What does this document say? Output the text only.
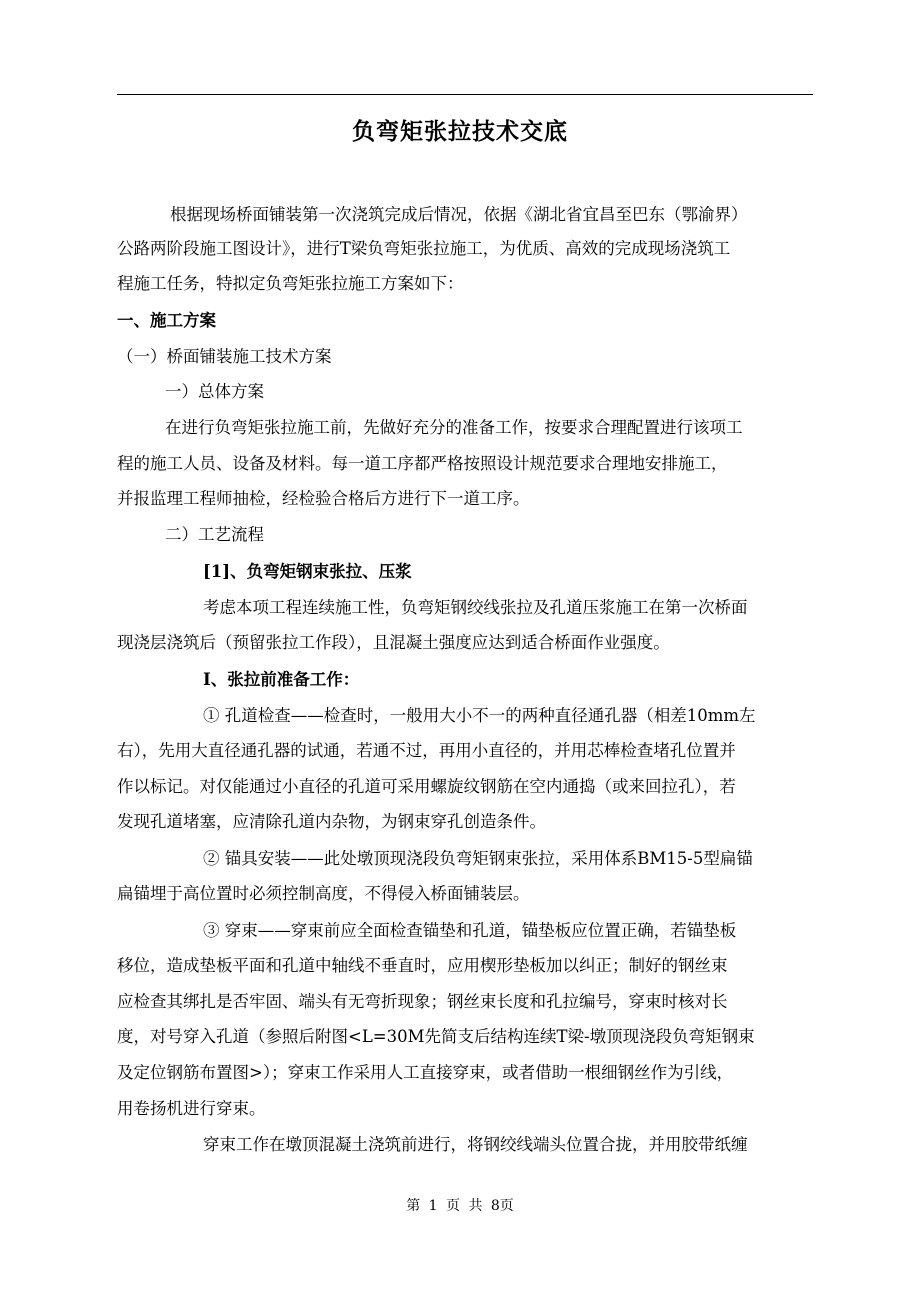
负弯矩张拉技术交底
根据现场桥面铺装第一次浇筑完成后情况，依据《湖北省宜昌至巴东（鄂渝界）
公路两阶段施工图设计》，进行T梁负弯矩张拉施工，为优质、高效的完成现场浇筑工
程施工任务，特拟定负弯矩张拉施工方案如下：
一、施工方案
（一）桥面铺装施工技术方案
一）总体方案
在进行负弯矩张拉施工前，先做好充分的准备工作，按要求合理配置进行该项工
程的施工人员、设备及材料。每一道工序都严格按照设计规范要求合理地安排施工，
并报监理工程师抽检，经检验合格后方进行下一道工序。
二）工艺流程
[1]、负弯矩钢束张拉、压浆
考虑本项工程连续施工性，负弯矩钢绞线张拉及孔道压浆施工在第一次桥面
现浇层浇筑后（预留张拉工作段），且混凝土强度应达到适合桥面作业强度。
Ⅰ、张拉前准备工作：
① 孔道检查——检查时，一般用大小不一的两种直径通孔器（相差10mm左
右），先用大直径通孔器的试通，若通不过，再用小直径的，并用芯棒检查堵孔位置并
作以标记。对仅能通过小直径的孔道可采用螺旋纹钢筋在空内通捣（或来回拉孔），若
发现孔道堵塞，应清除孔道内杂物，为钢束穿孔创造条件。
② 锚具安装——此处墩顶现浇段负弯矩钢束张拉，采用体系BM15-5型扁锚
扁锚埋于高位置时必须控制高度，不得侵入桥面铺装层。
③ 穿束——穿束前应全面检查锚垫和孔道，锚垫板应位置正确，若锚垫板
移位，造成垫板平面和孔道中轴线不垂直时，应用楔形垫板加以纠正；制好的钢丝束
应检查其绑扎是否牢固、端头有无弯折现象；钢丝束长度和孔拉编号，穿束时核对长
度，对号穿入孔道（参照后附图<L=30M先简支后结构连续T梁-墩顶现浇段负弯矩钢束
及定位钢筋布置图>）；穿束工作采用人工直接穿束，或者借助一根细钢丝作为引线，
用卷扬机进行穿束。
穿束工作在墩顶混凝土浇筑前进行，将钢绞线端头位置合拢，并用胶带纸缠
第 1 页 共 8页
